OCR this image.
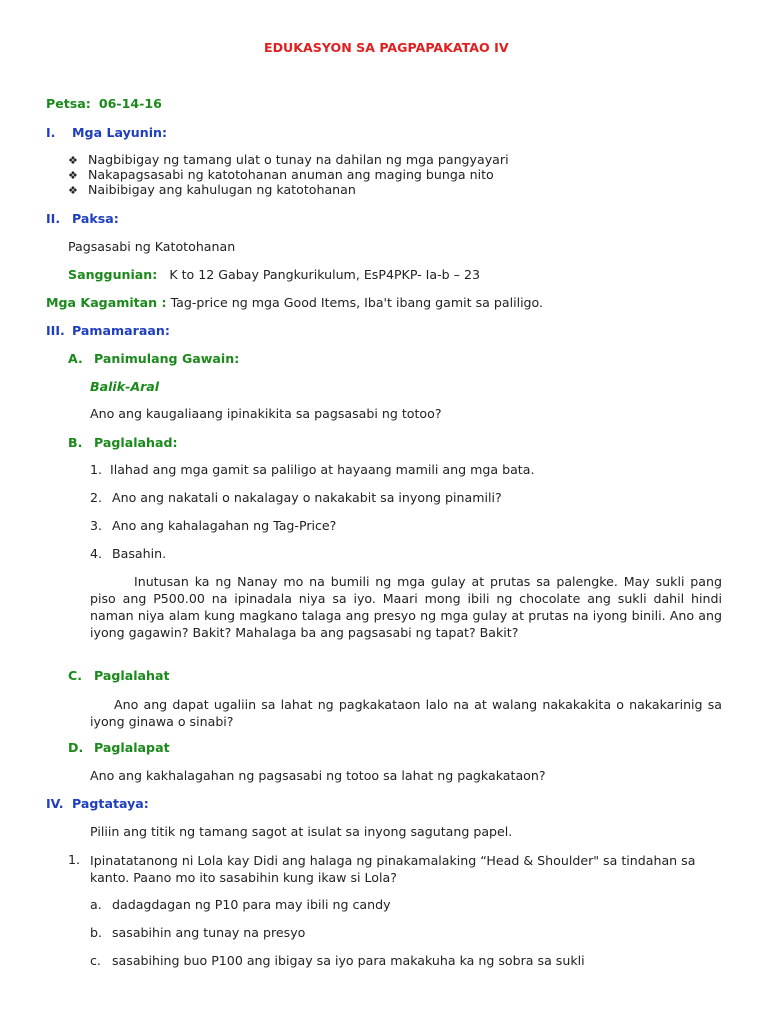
EDUKASYON SA PAGPAPAKATAO IV
Petsa: 06-14-16
I. Mga Layunin:
❖ Nagbibigay ng tamang ulat o tunay na dahilan ng mga pangyayari
❖ Nakapagsasabi ng katotohanan anuman ang maging bunga nito
❖ Naibibigay ang kahulugan ng katotohanan
II. Paksa:
Pagsasabi ng Katotohanan
Sanggunian: K to 12 Gabay Pangkurikulum, EsP4PKP- Ia-b – 23
Mga Kagamitan : Tag-price ng mga Good Items, Iba't ibang gamit sa paliligo.
III. Pamamaraan:
A. Panimulang Gawain:
Balik-Aral
Ano ang kaugaliaang ipinakikita sa pagsasabi ng totoo?
B. Paglalahad:
1. Ilahad ang mga gamit sa paliligo at hayaang mamili ang mga bata.
2. Ano ang nakatali o nakalagay o nakakabit sa inyong pinamili?
3. Ano ang kahalagahan ng Tag-Price?
4. Basahin.
Inutusan ka ng Nanay mo na bumili ng mga gulay at prutas sa palengke. May sukli pang piso ang P500.00 na ipinadala niya sa iyo. Maari mong ibili ng chocolate ang sukli dahil hindi naman niya alam kung magkano talaga ang presyo ng mga gulay at prutas na iyong binili. Ano ang iyong gagawin? Bakit? Mahalaga ba ang pagsasabi ng tapat? Bakit?
C. Paglalahat
Ano ang dapat ugaliin sa lahat ng pagkakataon lalo na at walang nakakakita o nakakarinig sa iyong ginawa o sinabi?
D. Paglalapat
Ano ang kakhalagahan ng pagsasabi ng totoo sa lahat ng pagkakataon?
IV. Pagtataya:
Piliin ang titik ng tamang sagot at isulat sa inyong sagutang papel.
1. Ipinatatanong ni Lola kay Didi ang halaga ng pinakamalaking “Head & Shoulder" sa tindahan sa kanto. Paano mo ito sasabihin kung ikaw si Lola?
a. dadagdagan ng P10 para may ibili ng candy
b. sasabihin ang tunay na presyo
c. sasabihing buo P100 ang ibigay sa iyo para makakuha ka ng sobra sa sukli
